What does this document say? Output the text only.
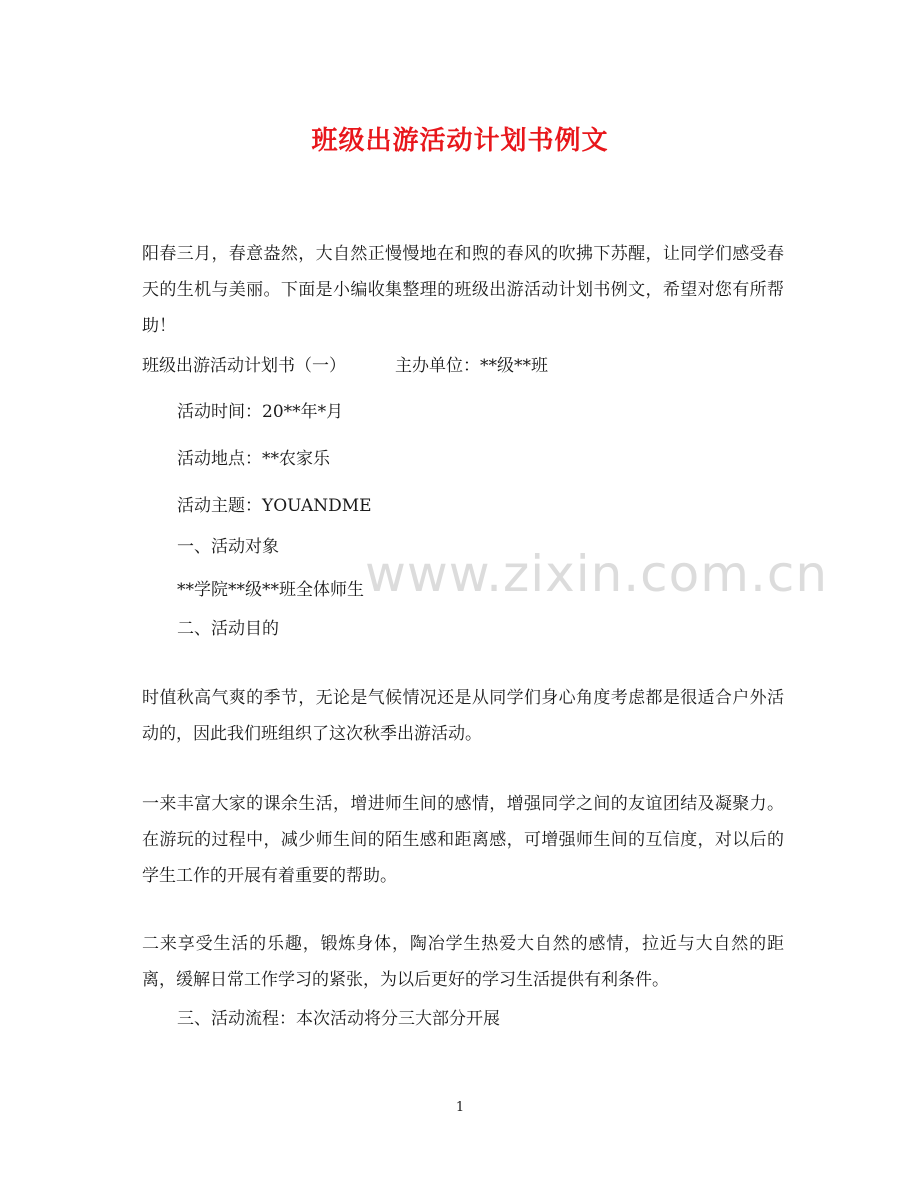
班级出游活动计划书例文
阳春三月，春意盎然，大自然正慢慢地在和煦的春风的吹拂下苏醒，让同学们感受春天的生机与美丽。下面是小编收集整理的班级出游活动计划书例文，希望对您有所帮助！
班级出游活动计划书（一）	主办单位：**级**班
活动时间：20**年*月
活动地点：**农家乐
活动主题：YOUANDME
一、活动对象
**学院**级**班全体师生
二、活动目的
时值秋高气爽的季节，无论是气候情况还是从同学们身心角度考虑都是很适合户外活动的，因此我们班组织了这次秋季出游活动。
一来丰富大家的课余生活，增进师生间的感情，增强同学之间的友谊团结及凝聚力。在游玩的过程中，减少师生间的陌生感和距离感，可增强师生间的互信度，对以后的学生工作的开展有着重要的帮助。
二来享受生活的乐趣，锻炼身体，陶冶学生热爱大自然的感情，拉近与大自然的距离，缓解日常工作学习的紧张，为以后更好的学习生活提供有利条件。
三、活动流程：本次活动将分三大部分开展
www.zixin.com.cn
1
